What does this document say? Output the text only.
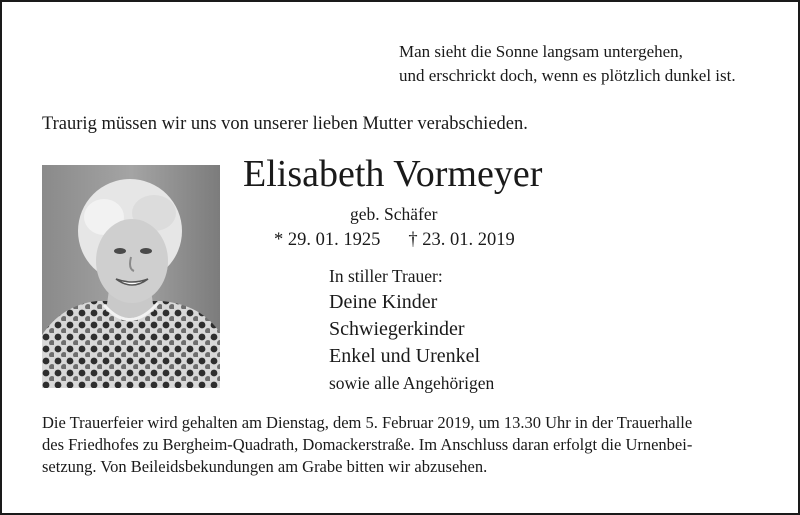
Man sieht die Sonne langsam untergehen,
und erschrickt doch, wenn es plötzlich dunkel ist.
Traurig müssen wir uns von unserer lieben Mutter verabschieden.
Elisabeth Vormeyer
geb. Schäfer
* 29. 01. 1925 † 23. 01. 2019
In stiller Trauer:
Deine Kinder
Schwiegerkinder
Enkel und Urenkel
sowie alle Angehörigen
Die Trauerfeier wird gehalten am Dienstag, dem 5. Februar 2019, um 13.30 Uhr in der Trauerhalle
des Friedhofes zu Bergheim-Quadrath, Domackerstraße. Im Anschluss daran erfolgt die Urnenbei-
setzung. Von Beileidsbekundungen am Grabe bitten wir abzusehen.
